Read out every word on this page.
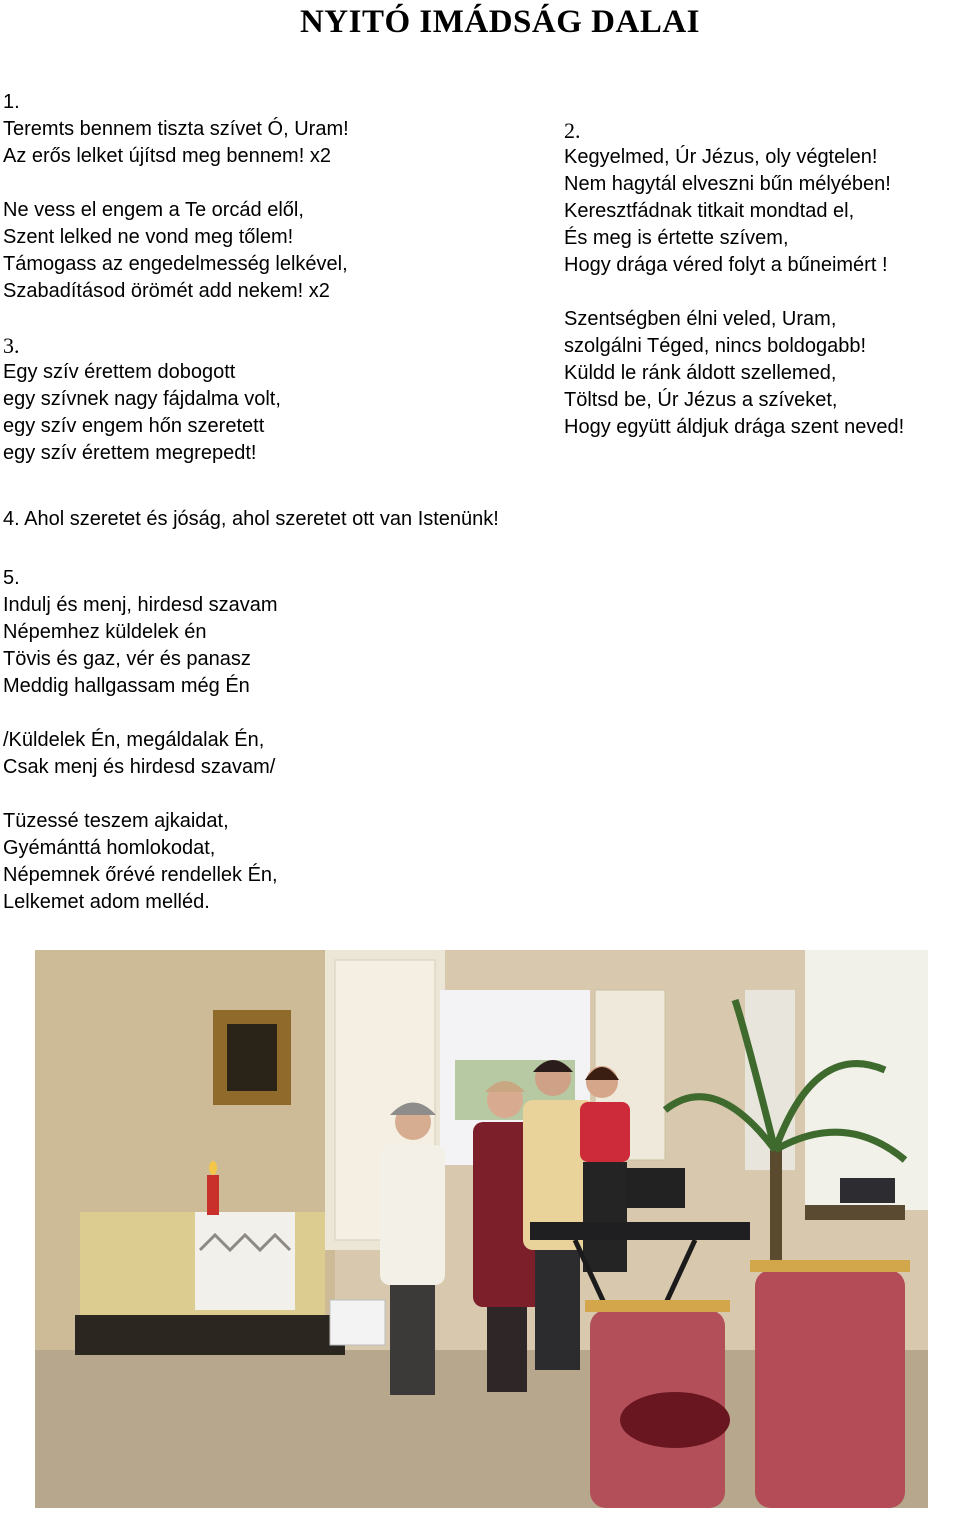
NYITÓ IMÁDSÁG DALAI
1.
Teremts bennem tiszta szívet Ó, Uram!
Az erős lelket újítsd meg bennem! x2
Ne vess el engem a Te orcád elől,
Szent lelked ne vond meg tőlem!
Támogass az engedelmesség lelkével,
Szabadításod örömét add nekem! x2
3.
Egy szív érettem dobogott
egy szívnek nagy fájdalma volt,
egy szív engem hőn szeretett
egy szív érettem megrepedt!
2.
Kegyelmed, Úr Jézus, oly végtelen!
Nem hagytál elveszni bűn mélyében!
Keresztfádnak titkait mondtad el,
És meg is értette szívem,
Hogy drága véred folyt a bűneimért !
Szentségben élni veled, Uram,
szolgálni Téged, nincs boldogabb!
Küldd le ránk áldott szellemed,
Töltsd be, Úr Jézus a szíveket,
Hogy együtt áldjuk drága szent neved!
4. Ahol szeretet és jóság, ahol szeretet ott van Istenünk!
5.
Indulj és menj, hirdesd szavam
Népemhez küldelek én
Tövis és gaz, vér és panasz
Meddig hallgassam még Én
/Küldelek Én, megáldalak Én,
Csak menj és hirdesd szavam/
Tüzessé teszem ajkaidat,
Gyémánttá homlokodat,
Népemnek őrévé rendellek Én,
Lelkemet adom melléd.
